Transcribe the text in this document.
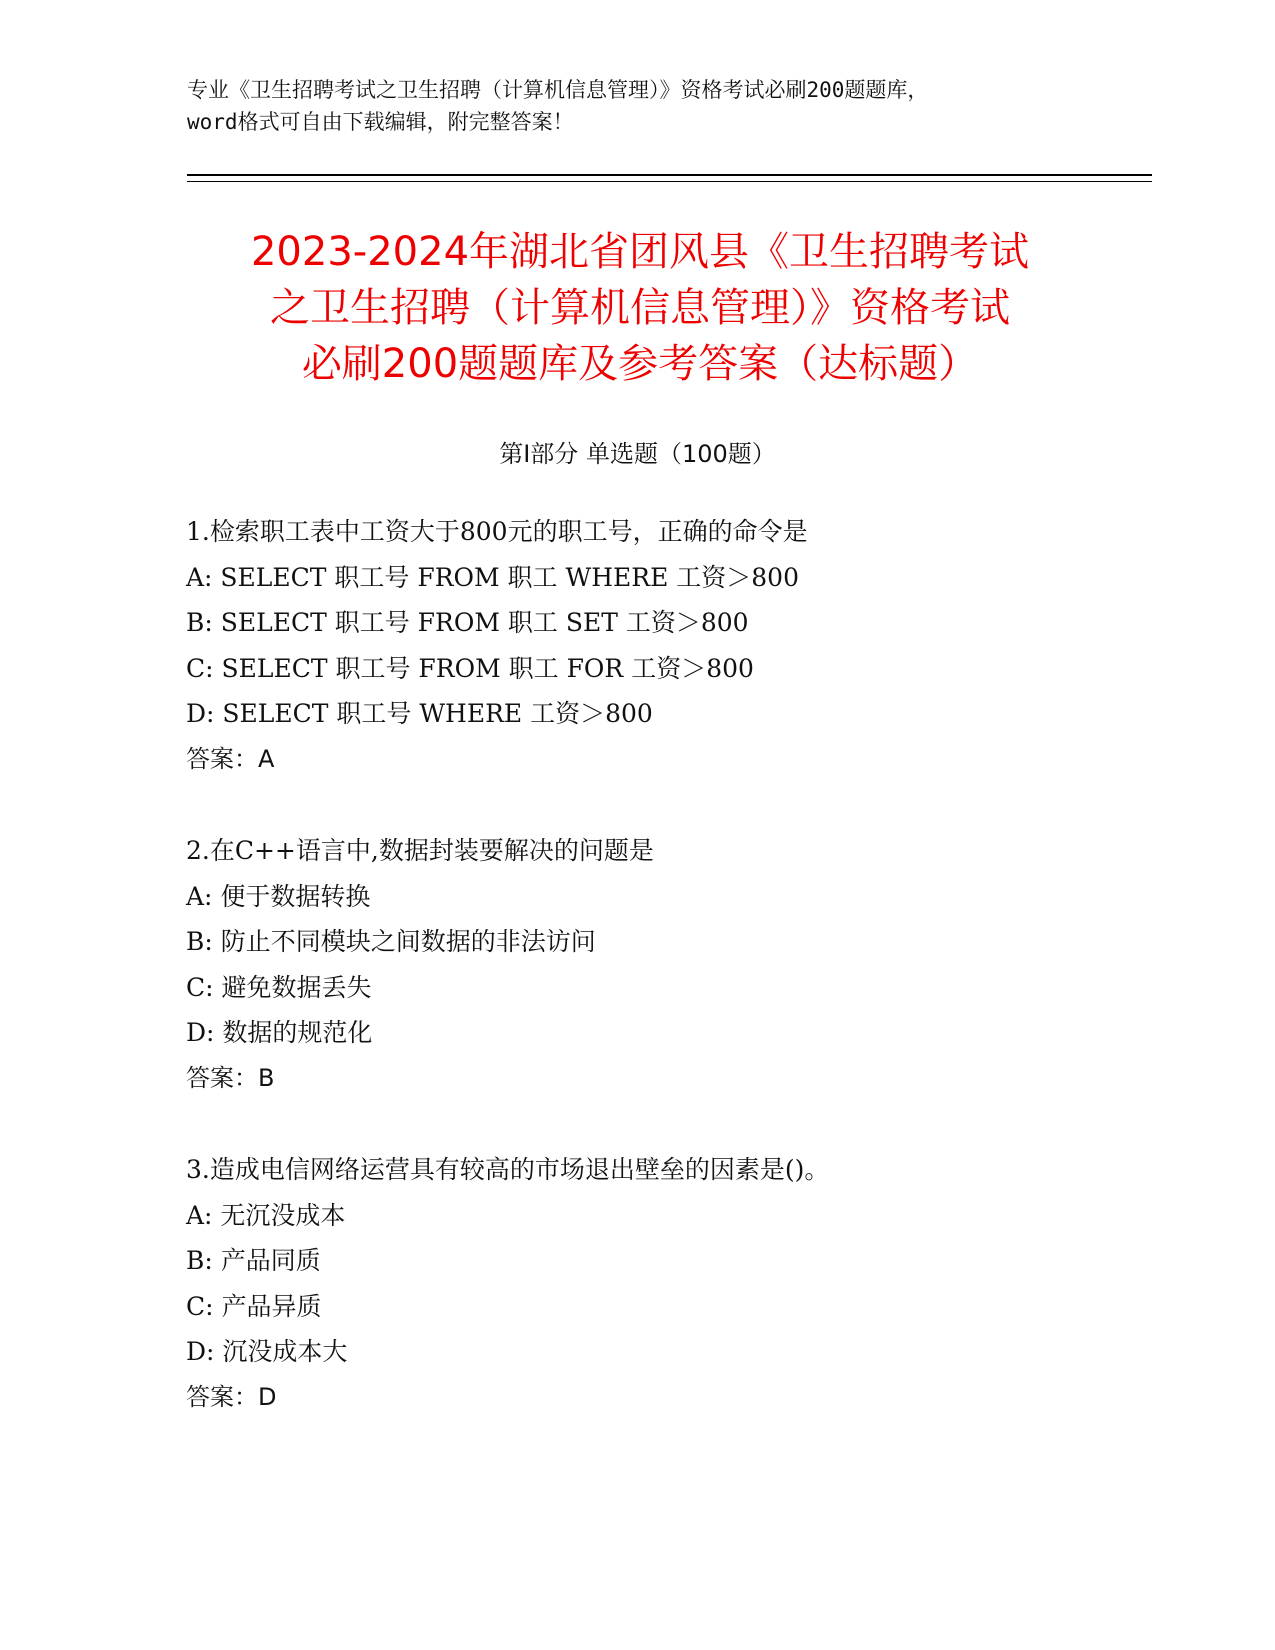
专业《卫生招聘考试之卫生招聘（计算机信息管理）》资格考试必刷200题题库，
word格式可自由下载编辑，附完整答案！
2023-2024年湖北省团风县《卫生招聘考试
之卫生招聘（计算机信息管理）》资格考试
必刷200题题库及参考答案（达标题）
第Ⅰ部分 单选题（100题）
1.检索职工表中工资大于800元的职工号，正确的命令是
A: SELECT 职工号 FROM 职工 WHERE 工资＞800
B: SELECT 职工号 FROM 职工 SET 工资＞800
C: SELECT 职工号 FROM 职工 FOR 工资＞800
D: SELECT 职工号 WHERE 工资＞800
答案：A
2.在C++语言中,数据封装要解决的问题是
A: 便于数据转换
B: 防止不同模块之间数据的非法访问
C: 避免数据丢失
D: 数据的规范化
答案：B
3.造成电信网络运营具有较高的市场退出壁垒的因素是()。
A: 无沉没成本
B: 产品同质
C: 产品异质
D: 沉没成本大
答案：D
